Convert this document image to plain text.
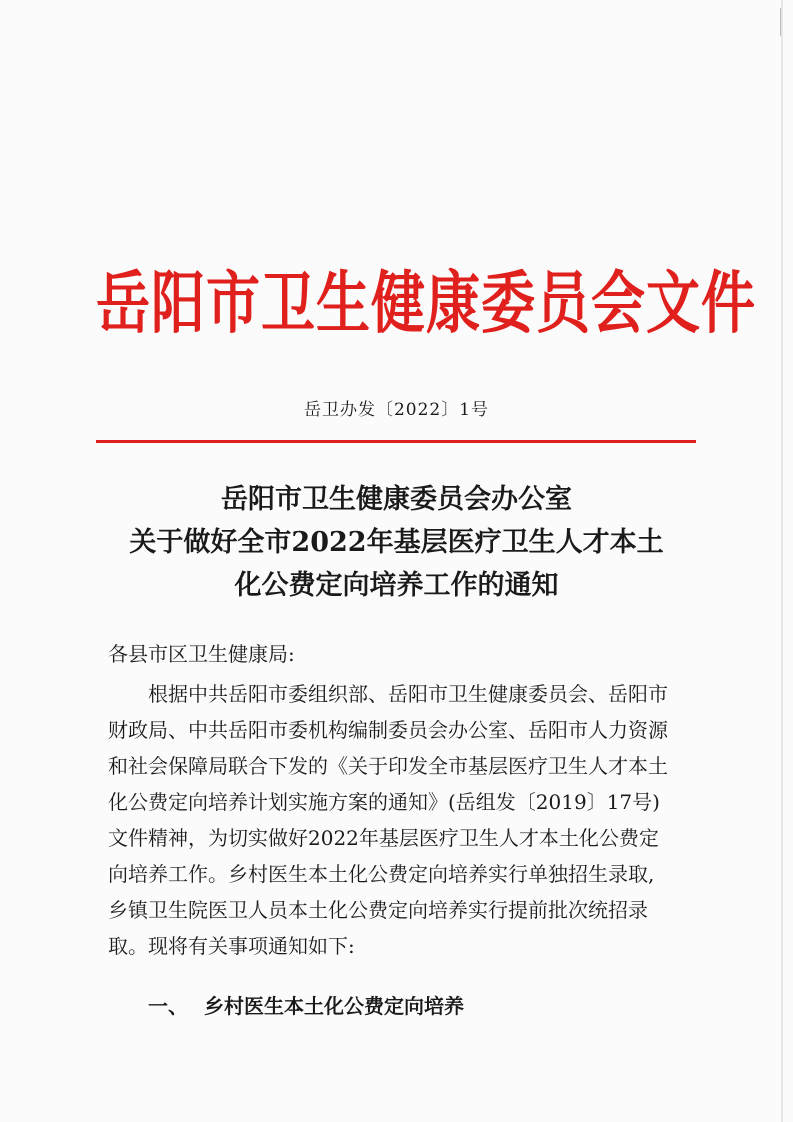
岳阳市卫生健康委员会文件
岳卫办发〔2022〕1号
岳阳市卫生健康委员会办公室
关于做好全市2022年基层医疗卫生人才本土
化公费定向培养工作的通知
各县市区卫生健康局:
根据中共岳阳市委组织部、岳阳市卫生健康委员会、岳阳市
财政局、中共岳阳市委机构编制委员会办公室、岳阳市人力资源
和社会保障局联合下发的《关于印发全市基层医疗卫生人才本土
化公费定向培养计划实施方案的通知》(岳组发〔2019〕17号)
文件精神，为切实做好2022年基层医疗卫生人才本土化公费定
向培养工作。乡村医生本土化公费定向培养实行单独招生录取,
乡镇卫生院医卫人员本土化公费定向培养实行提前批次统招录
取。现将有关事项通知如下:
一、 乡村医生本土化公费定向培养
